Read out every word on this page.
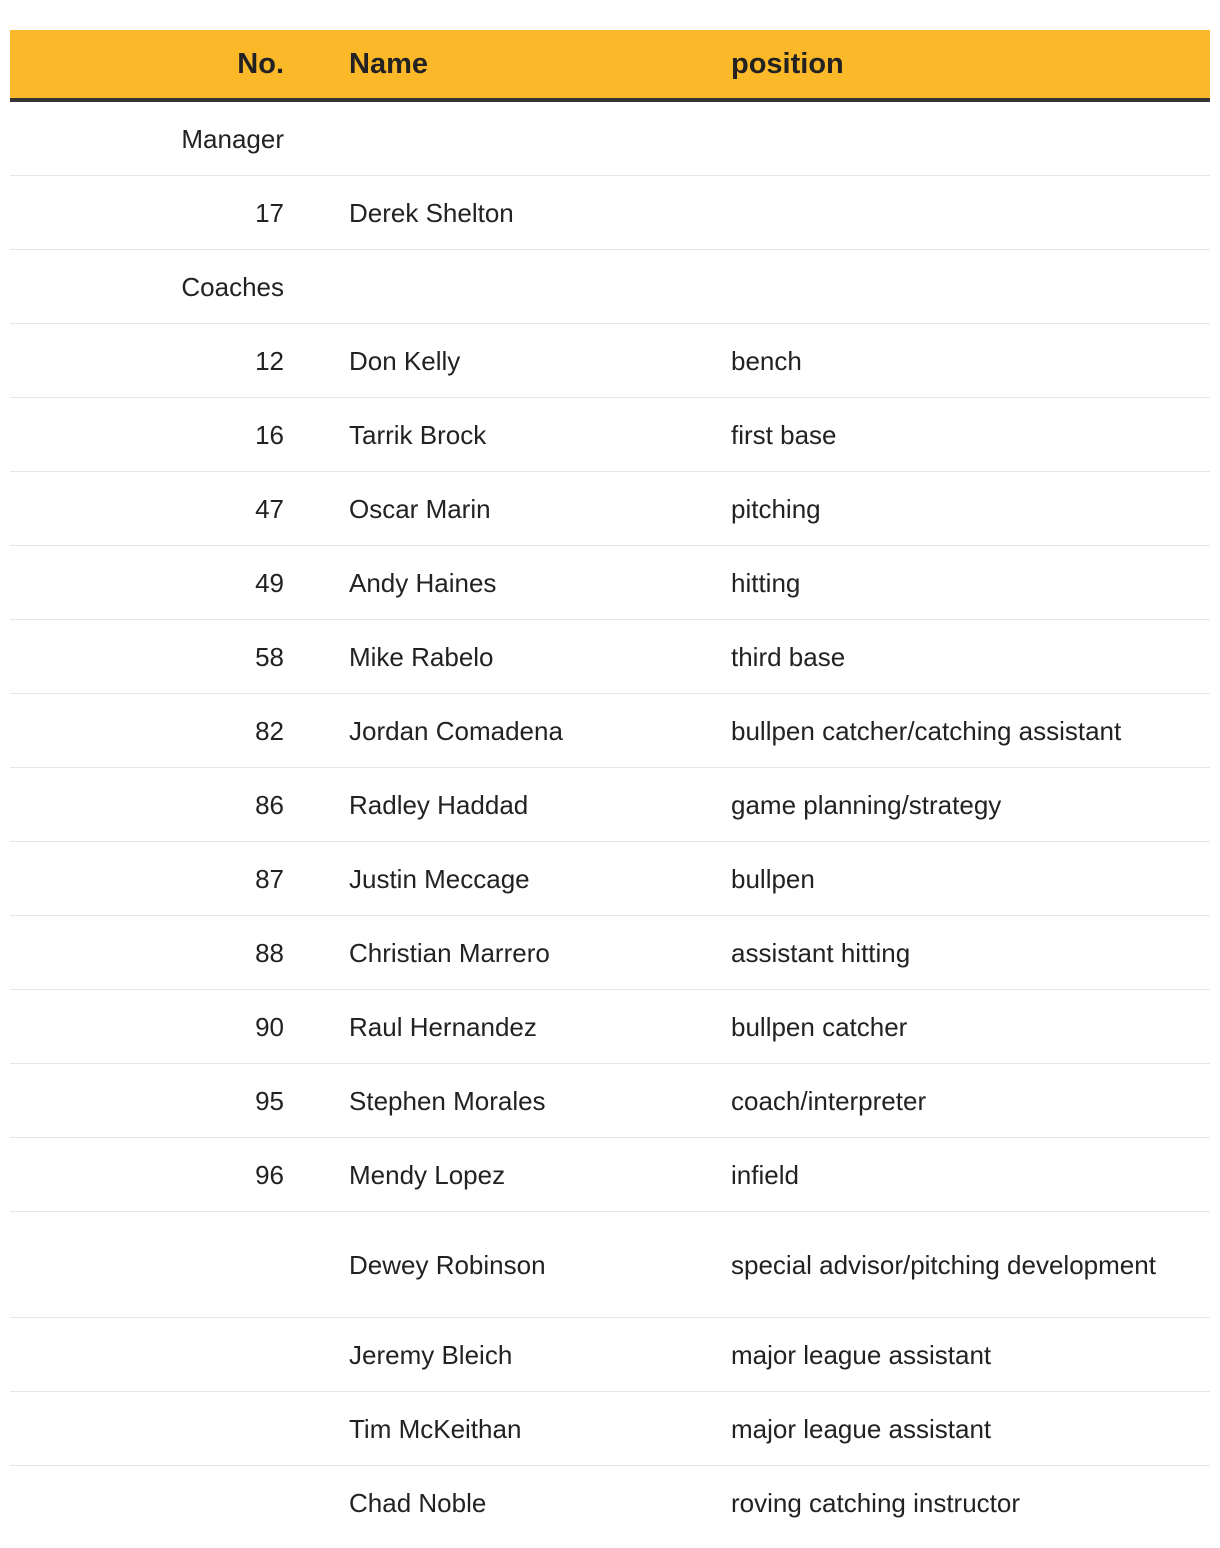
No.	Name	position
Manager		
17	Derek Shelton	
Coaches		
12	Don Kelly	bench
16	Tarrik Brock	first base
47	Oscar Marin	pitching
49	Andy Haines	hitting
58	Mike Rabelo	third base
82	Jordan Comadena	bullpen catcher/catching assistant
86	Radley Haddad	game planning/strategy
87	Justin Meccage	bullpen
88	Christian Marrero	assistant hitting
90	Raul Hernandez	bullpen catcher
95	Stephen Morales	coach/interpreter
96	Mendy Lopez	infield
	Dewey Robinson	special advisor/pitching development
	Jeremy Bleich	major league assistant
	Tim McKeithan	major league assistant
	Chad Noble	roving catching instructor
